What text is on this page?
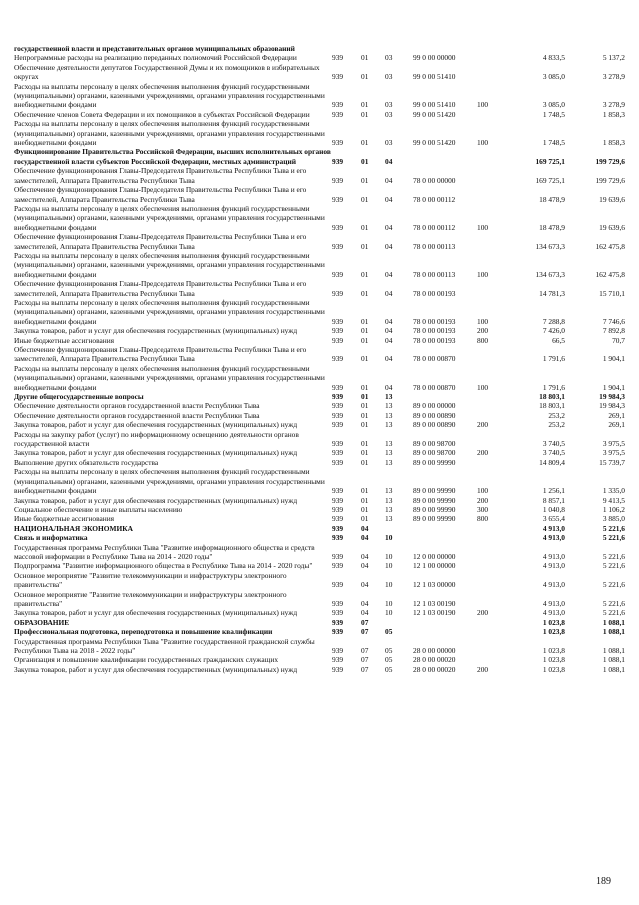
государственной власти и представительных органов муниципальных образований							
Непрограммные расходы на реализацию переданных полномочий Российской Федерации	939	01	03	99 0 00 00000		4 833,5	5 137,2
Обеспечение деятельности депутатов Государственной Думы и их помощников в избирательных округах	939	01	03	99 0 00 51410		3 085,0	3 278,9
Расходы на выплаты персоналу в целях обеспечения выполнения функций государственными (муниципальными) органами, казенными учреждениями, органами управления государственными внебюджетными фондами	939	01	03	99 0 00 51410	100	3 085,0	3 278,9
Обеспечение членов Совета Федерации и их помощников в субъектах Российской Федерации	939	01	03	99 0 00 51420		1 748,5	1 858,3
Расходы на выплаты персоналу в целях обеспечения выполнения функций государственными (муниципальными) органами, казенными учреждениями, органами управления государственными внебюджетными фондами	939	01	03	99 0 00 51420	100	1 748,5	1 858,3
Функционирование Правительства Российской Федерации, высших исполнительных органов государственной власти субъектов Российской Федерации, местных администраций	939	01	04			169 725,1	199 729,6
Обеспечение функционирования Главы-Председателя Правительства Республики Тыва и его заместителей, Аппарата Правительства Республики Тыва	939	01	04	78 0 00 00000		169 725,1	199 729,6
Обеспечение функционирования Главы-Председателя Правительства Республики Тыва и его заместителей, Аппарата Правительства Республики Тыва	939	01	04	78 0 00 00112		18 478,9	19 639,6
Расходы на выплаты персоналу в целях обеспечения выполнения функций государственными (муниципальными) органами, казенными учреждениями, органами управления государственными внебюджетными фондами	939	01	04	78 0 00 00112	100	18 478,9	19 639,6
Обеспечение функционирования Главы-Председателя Правительства Республики Тыва и его заместителей, Аппарата Правительства Республики Тыва	939	01	04	78 0 00 00113		134 673,3	162 475,8
Расходы на выплаты персоналу в целях обеспечения выполнения функций государственными (муниципальными) органами, казенными учреждениями, органами управления государственными внебюджетными фондами	939	01	04	78 0 00 00113	100	134 673,3	162 475,8
Обеспечение функционирования Главы-Председателя Правительства Республики Тыва и его заместителей, Аппарата Правительства Республики Тыва	939	01	04	78 0 00 00193		14 781,3	15 710,1
Расходы на выплаты персоналу в целях обеспечения выполнения функций государственными (муниципальными) органами, казенными учреждениями, органами управления государственными внебюджетными фондами	939	01	04	78 0 00 00193	100	7 288,8	7 746,6
Закупка товаров, работ и услуг для обеспечения государственных (муниципальных) нужд	939	01	04	78 0 00 00193	200	7 426,0	7 892,8
Иные бюджетные ассигнования	939	01	04	78 0 00 00193	800	66,5	70,7
Обеспечение функционирования Главы-Председателя Правительства Республики Тыва и его заместителей, Аппарата Правительства Республики Тыва	939	01	04	78 0 00 00870		1 791,6	1 904,1
Расходы на выплаты персоналу в целях обеспечения выполнения функций государственными (муниципальными) органами, казенными учреждениями, органами управления государственными внебюджетными фондами	939	01	04	78 0 00 00870	100	1 791,6	1 904,1
Другие общегосударственные вопросы	939	01	13			18 803,1	19 984,3
Обеспечение деятельности органов государственной власти Республики Тыва	939	01	13	89 0 00 00000		18 803,1	19 984,3
Обеспечение деятельности органов государственной власти Республики Тыва	939	01	13	89 0 00 00890		253,2	269,1
Закупка товаров, работ и услуг для обеспечения государственных (муниципальных) нужд	939	01	13	89 0 00 00890	200	253,2	269,1
Расходы на закупку работ (услуг) по информационному освещению деятельности органов государственной власти	939	01	13	89 0 00 98700		3 740,5	3 975,5
Закупка товаров, работ и услуг для обеспечения государственных (муниципальных) нужд	939	01	13	89 0 00 98700	200	3 740,5	3 975,5
Выполнение других обязательств государства	939	01	13	89 0 00 99990		14 809,4	15 739,7
Расходы на выплаты персоналу в целях обеспечения выполнения функций государственными (муниципальными) органами, казенными учреждениями, органами управления государственными внебюджетными фондами	939	01	13	89 0 00 99990	100	1 256,1	1 335,0
Закупка товаров, работ и услуг для обеспечения государственных (муниципальных) нужд	939	01	13	89 0 00 99990	200	8 857,1	9 413,5
Социальное обеспечение и иные выплаты населению	939	01	13	89 0 00 99990	300	1 040,8	1 106,2
Иные бюджетные ассигнования	939	01	13	89 0 00 99990	800	3 655,4	3 885,0
НАЦИОНАЛЬНАЯ ЭКОНОМИКА	939	04				4 913,0	5 221,6
Связь и информатика	939	04	10			4 913,0	5 221,6
Государственная программа Республики Тыва "Развитие информационного общества и средств массовой информации в Республике Тыва на 2014 - 2020 годы"	939	04	10	12 0 00 00000		4 913,0	5 221,6
Подпрограмма "Развитие информационного общества в Республике Тыва на 2014 - 2020 годы"	939	04	10	12 1 00 00000		4 913,0	5 221,6
Основное мероприятие "Развитие телекоммуникации и инфраструктуры электронного правительства"	939	04	10	12 1 03 00000		4 913,0	5 221,6
Основное мероприятие "Развитие телекоммуникации и инфраструктуры электронного правительства"	939	04	10	12 1 03 00190		4 913,0	5 221,6
Закупка товаров, работ и услуг для обеспечения государственных (муниципальных) нужд	939	04	10	12 1 03 00190	200	4 913,0	5 221,6
ОБРАЗОВАНИЕ	939	07				1 023,8	1 088,1
Профессиональная подготовка, переподготовка и повышение квалификации	939	07	05			1 023,8	1 088,1
Государственная программа Республики Тыва "Развитие государственной гражданской службы Республики Тыва на 2018 - 2022 годы"	939	07	05	28 0 00 00000		1 023,8	1 088,1
Организация и повышение квалификации государственных гражданских служащих	939	07	05	28 0 00 00020		1 023,8	1 088,1
Закупка товаров, работ и услуг для обеспечения государственных (муниципальных) нужд	939	07	05	28 0 00 00020	200	1 023,8	1 088,1
189
